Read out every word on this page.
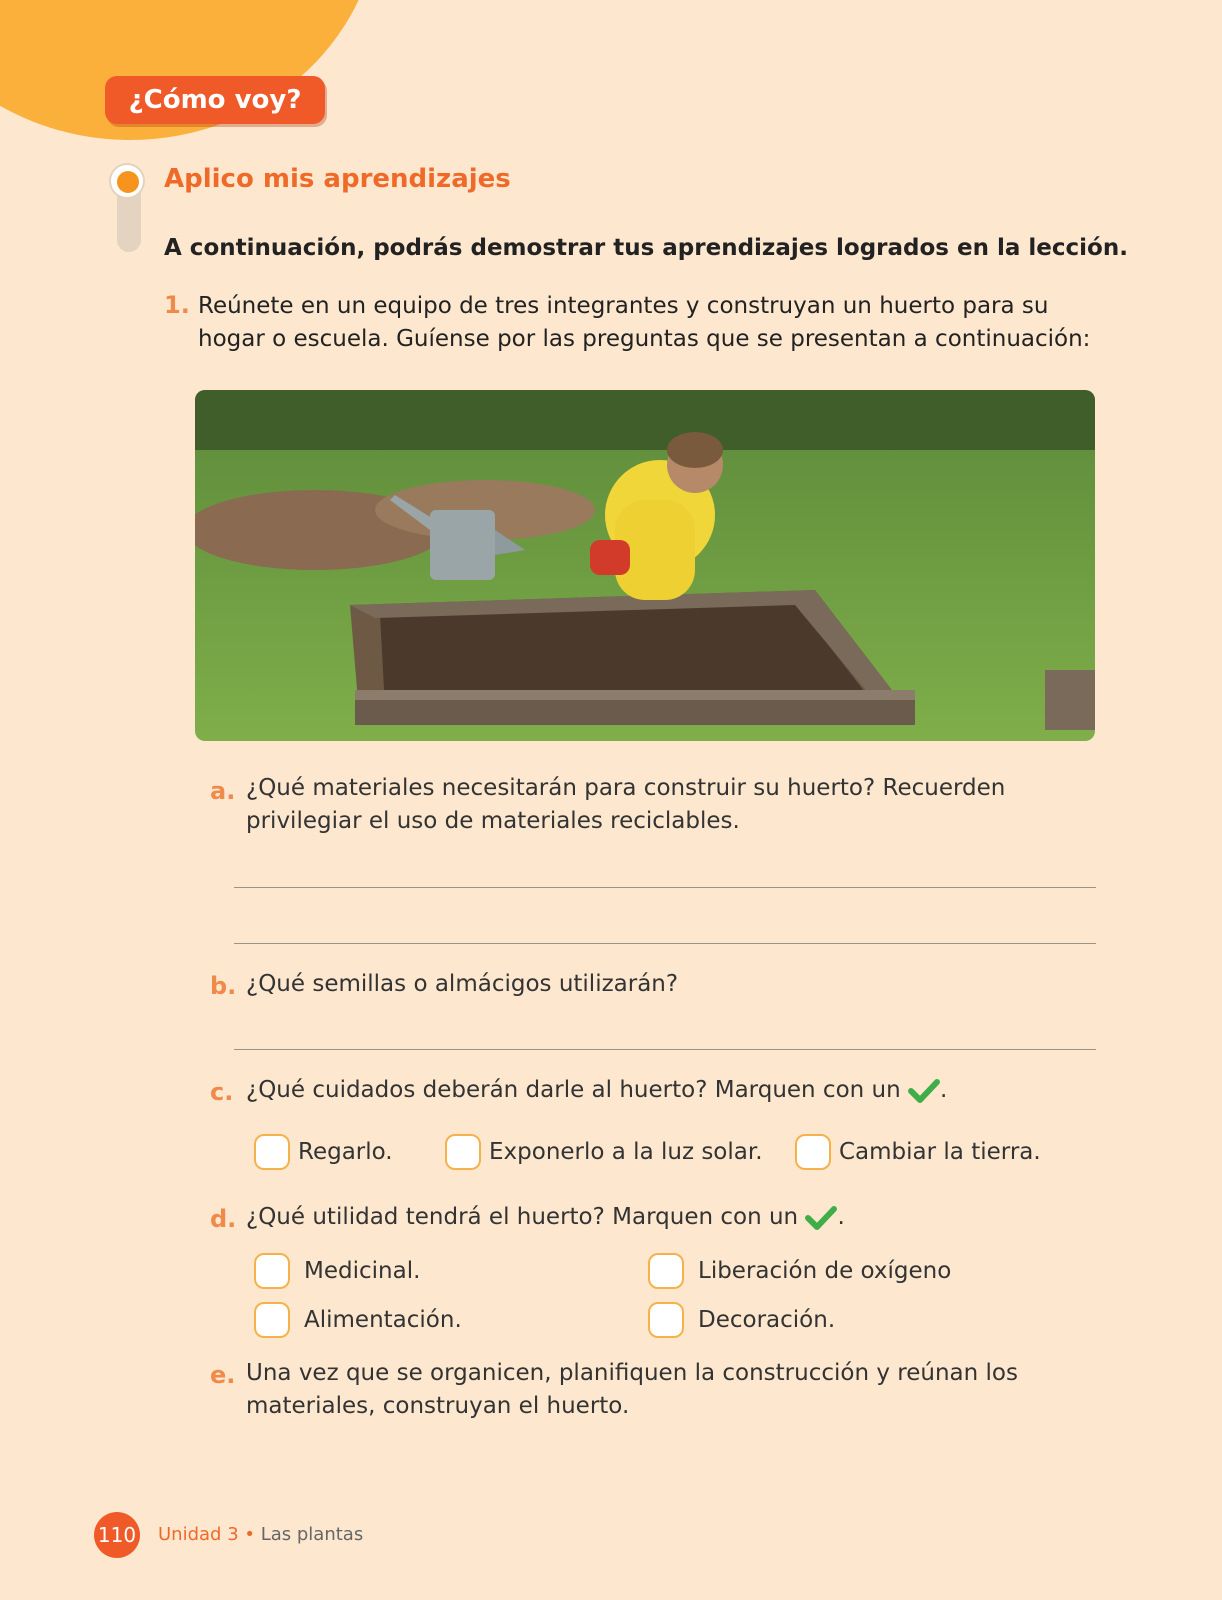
¿Cómo voy?
Aplico mis aprendizajes
A continuación, podrás demostrar tus aprendizajes logrados en la lección.
1. Reúnete en un equipo de tres integrantes y construyan un huerto para su hogar o escuela. Guíense por las preguntas que se presentan a continuación:
a. ¿Qué materiales necesitarán para construir su huerto? Recuerden privilegiar el uso de materiales reciclables.
b. ¿Qué semillas o almácigos utilizarán?
c. ¿Qué cuidados deberán darle al huerto? Marquen con un .
Regarlo.	Exponerlo a la luz solar.	Cambiar la tierra.
d. ¿Qué utilidad tendrá el huerto? Marquen con un .
Medicinal.	Liberación de oxígeno
Alimentación.	Decoración.
e. Una vez que se organicen, planifiquen la construcción y reúnan los materiales, construyan el huerto.
110 Unidad 3 • Las plantas
